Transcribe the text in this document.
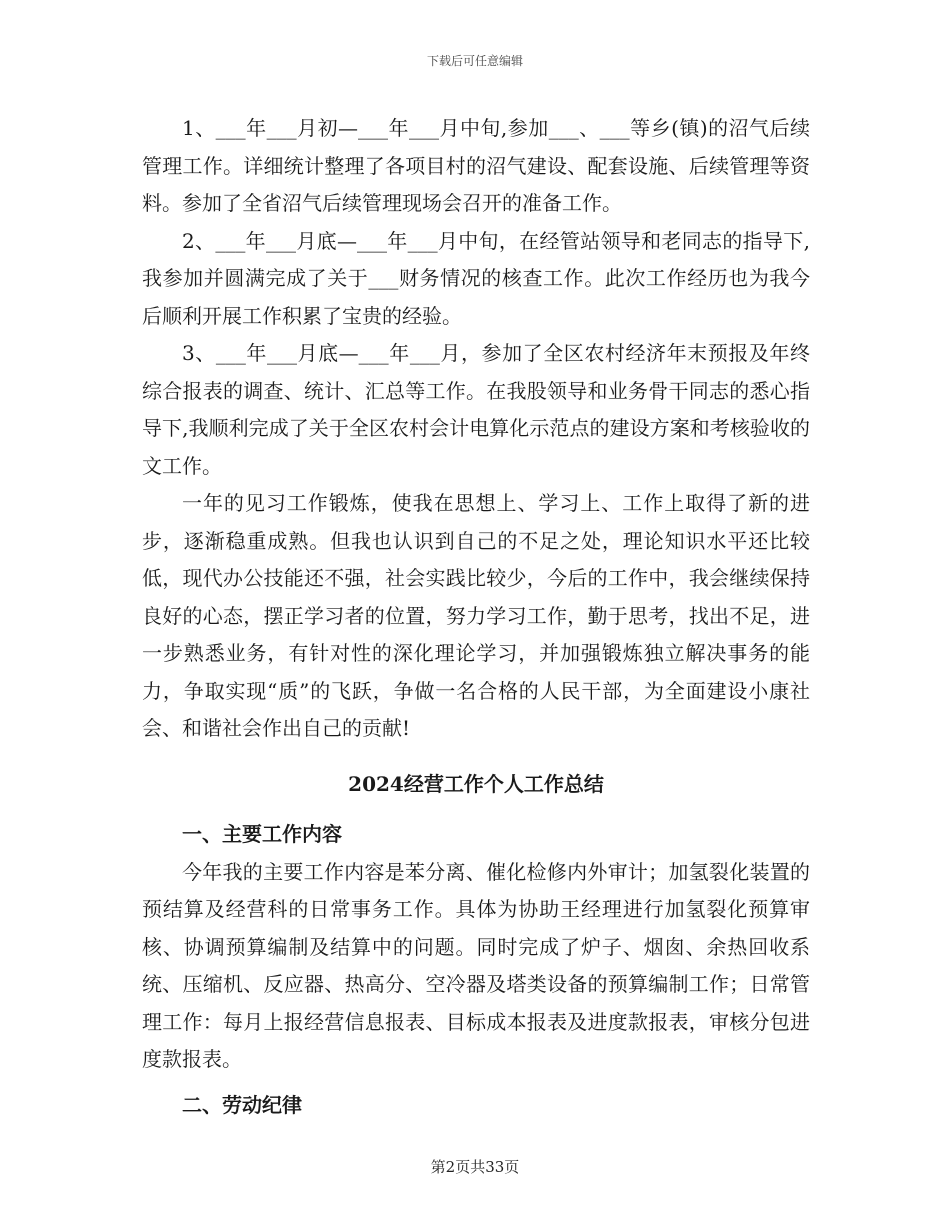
下载后可任意编辑

1、___年___月初—___年___月中旬,参加___、___等乡(镇)的沼气后续管理工作。详细统计整理了各项目村的沼气建设、配套设施、后续管理等资料。参加了全省沼气后续管理现场会召开的准备工作。

2、___年___月底—___年___月中旬，在经管站领导和老同志的指导下,我参加并圆满完成了关于___财务情况的核查工作。此次工作经历也为我今后顺利开展工作积累了宝贵的经验。

3、___年___月底—___年___月，参加了全区农村经济年末预报及年终综合报表的调查、统计、汇总等工作。在我股领导和业务骨干同志的悉心指导下,我顺利完成了关于全区农村会计电算化示范点的建设方案和考核验收的文工作。

一年的见习工作锻炼，使我在思想上、学习上、工作上取得了新的进步，逐渐稳重成熟。但我也认识到自己的不足之处，理论知识水平还比较低，现代办公技能还不强，社会实践比较少，今后的工作中，我会继续保持良好的心态，摆正学习者的位置，努力学习工作，勤于思考，找出不足，进一步熟悉业务，有针对性的深化理论学习，并加强锻炼独立解决事务的能力，争取实现“质”的飞跃，争做一名合格的人民干部，为全面建设小康社会、和谐社会作出自己的贡献!

2024经营工作个人工作总结

一、主要工作内容

今年我的主要工作内容是苯分离、催化检修内外审计；加氢裂化装置的预结算及经营科的日常事务工作。具体为协助王经理进行加氢裂化预算审核、协调预算编制及结算中的问题。同时完成了炉子、烟囱、余热回收系统、压缩机、反应器、热高分、空冷器及塔类设备的预算编制工作；日常管理工作：每月上报经营信息报表、目标成本报表及进度款报表，审核分包进度款报表。

二、劳动纪律

第2页共33页
